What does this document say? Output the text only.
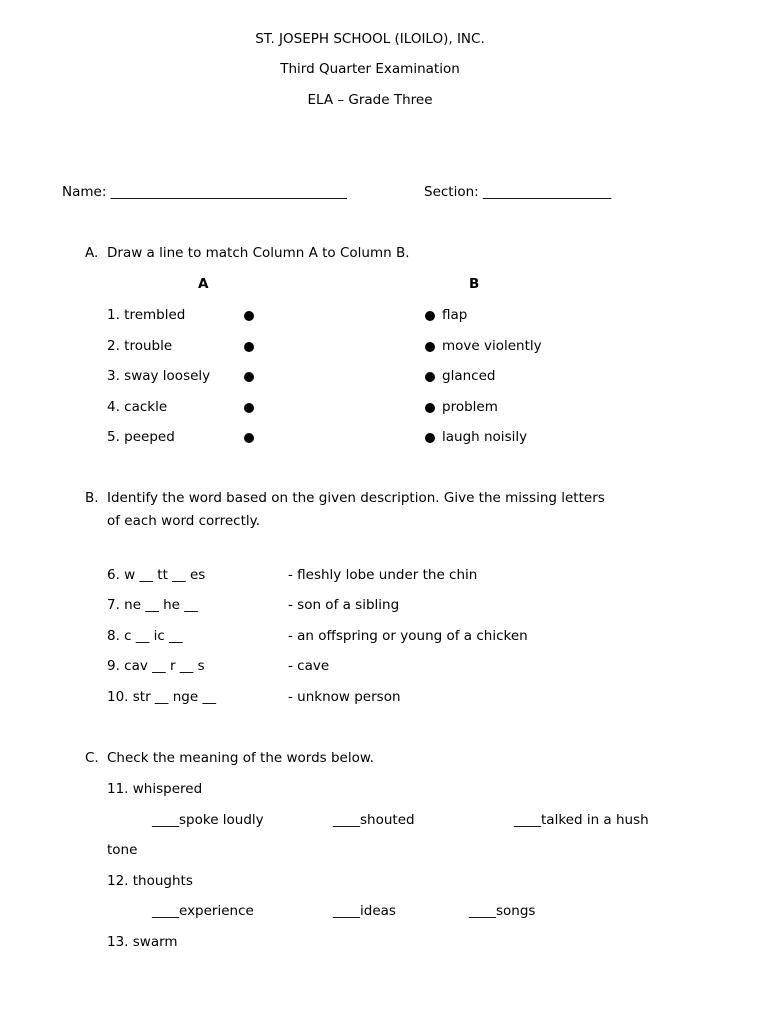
ST. JOSEPH SCHOOL (ILOILO), INC.
Third Quarter Examination
ELA – Grade Three
Name: ___________________________________	Section: ___________________
A. Draw a line to match Column A to Column B.
A	B
1. trembled	flap
2. trouble	move violently
3. sway loosely	glanced
4. cackle	problem
5. peeped	laugh noisily
B. Identify the word based on the given description. Give the missing letters
of each word correctly.
6. w __ tt __ es	- fleshly lobe under the chin
7. ne __ he __	- son of a sibling
8. c __ ic __	- an offspring or young of a chicken
9. cav __ r __ s	- cave
10. str __ nge __	- unknow person
C. Check the meaning of the words below.
11. whispered
____spoke loudly	____shouted	____talked in a hush
tone
12. thoughts
____experience	____ideas	____songs
13. swarm
